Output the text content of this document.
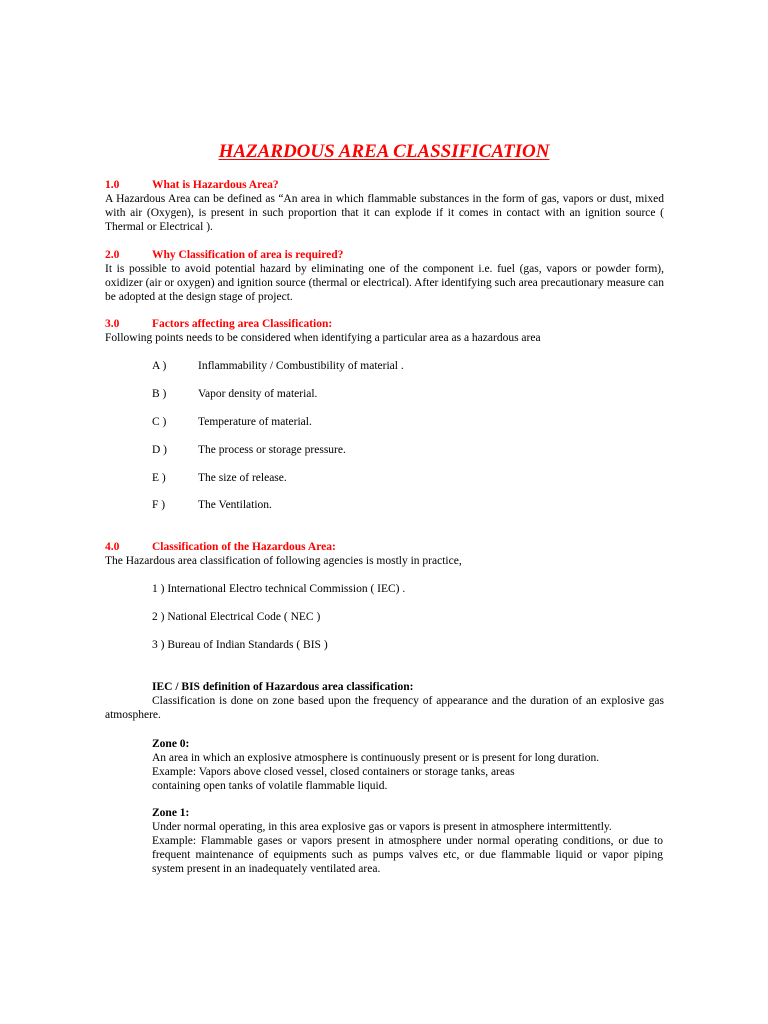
HAZARDOUS AREA CLASSIFICATION
1.0	What is Hazardous Area?
A Hazardous Area can be defined as “An area in which flammable substances in the form of gas, vapors or dust, mixed with air (Oxygen), is present in such proportion that it can explode if it comes in contact with an ignition source ( Thermal or Electrical ).
2.0	Why Classification of area is required?
It is possible to avoid potential hazard by eliminating one of the component i.e. fuel (gas, vapors or powder form), oxidizer (air or oxygen) and ignition source (thermal or electrical). After identifying such area precautionary measure can be adopted at the design stage of project.
3.0	Factors affecting area Classification:
Following points needs to be considered when identifying a particular area as a hazardous area
A )	Inflammability / Combustibility of material .
B )	Vapor density of material.
C )	Temperature of material.
D )	The process or storage pressure.
E )	The size of release.
F )	The Ventilation.
4.0	Classification of the Hazardous Area:
The Hazardous area classification of following agencies is mostly in practice,
1 ) International Electro technical Commission ( IEC) .
2 ) National Electrical Code ( NEC )
3 ) Bureau of Indian Standards ( BIS )
IEC / BIS definition of Hazardous area classification:
Classification is done on zone based upon the frequency of appearance and the duration of an explosive gas atmosphere.
Zone 0:
An area in which an explosive atmosphere is continuously present or is present for long duration.
Example: Vapors above closed vessel, closed containers or storage tanks, areas
containing open tanks of volatile flammable liquid.
Zone 1:
Under normal operating, in this area explosive gas or vapors is present in atmosphere intermittently.
Example: Flammable gases or vapors present in atmosphere under normal operating conditions, or due to frequent maintenance of equipments such as pumps valves etc, or due flammable liquid or vapor piping system present in an inadequately ventilated area.
